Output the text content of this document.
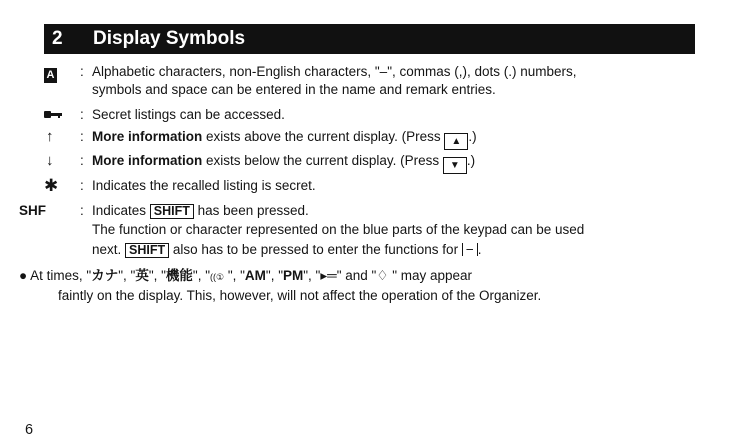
2	Display Symbols
A : Alphabetic characters, non-English characters, "–", commas (,), dots (.) numbers,
symbols and space can be entered in the name and remark entries.
: Secret listings can be accessed.
↑ : More information exists above the current display. (Press ▲ .)
↓ : More information exists below the current display. (Press ▼ .)
✱ : Indicates the recalled listing is secret.
SHF	: Indicates SHIFT has been pressed.
The function or character represented on the blue parts of the keypad can be used
next. SHIFT also has to be pressed to enter the functions for − .
● At times, "カナ", "英", "機能", "((① ", "AM", "PM", "▸═" and "♢ " may appear
faintly on the display. This, however, will not affect the operation of the Organizer.
6
